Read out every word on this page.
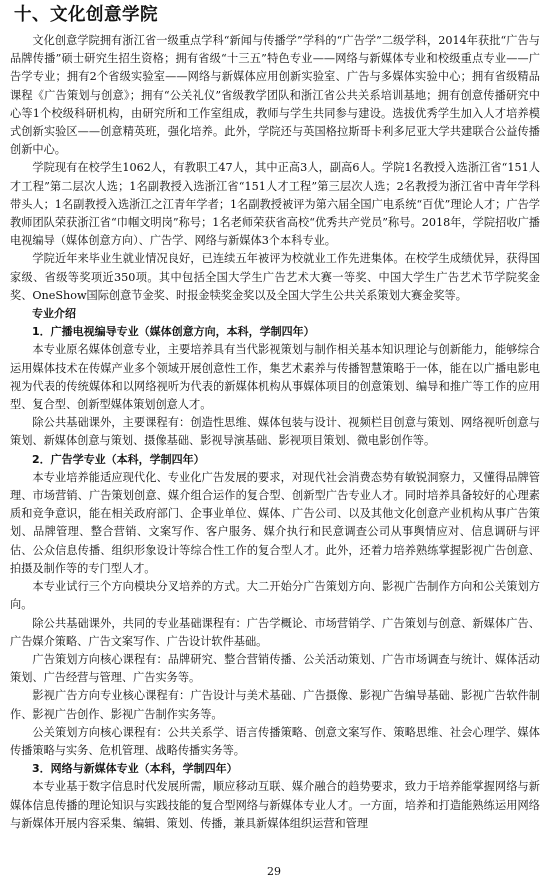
十、文化创意学院

文化创意学院拥有浙江省一级重点学科“新闻与传播学”学科的“广告学”二级学科，2014年获批“广告与品牌传播”硕士研究生招生资格；拥有省级“十三五”特色专业——网络与新媒体专业和校级重点专业——广告学专业；拥有2个省级实验室——网络与新媒体应用创新实验室、广告与多媒体实验中心；拥有省级精品课程《广告策划与创意》；拥有“公关礼仪”省级教学团队和浙江省公共关系培训基地；拥有创意传播研究中心等1个校级科研机构，由研究所和工作室组成，教师与学生共同参与建设。选拔优秀学生加入人才培养模式创新实验区——创意精英班，强化培养。此外，学院还与英国格拉斯哥卡利多尼亚大学共建联合公益传播创新中心。

学院现有在校学生1062人，有教职工47人，其中正高3人，副高6人。学院1名教授入选浙江省“151人才工程”第二层次人选；1名副教授入选浙江省“151人才工程”第三层次人选；2名教授为浙江省中青年学科带头人；1名副教授入选浙江之江青年学者；1名副教授被评为第六届全国广电系统“百优”理论人才；广告学教师团队荣获浙江省“巾帼文明岗”称号；1名老师荣获省高校“优秀共产党员”称号。2018年，学院招收广播电视编导（媒体创意方向）、广告学、网络与新媒体3个本科专业。

学院近年来毕业生就业情况良好，已连续五年被评为校就业工作先进集体。在校学生成绩优异，获得国家级、省级等奖项近350项。其中包括全国大学生广告艺术大赛一等奖、中国大学生广告艺术节学院奖金奖、OneShow国际创意节金奖、时报金犊奖金奖以及全国大学生公共关系策划大赛金奖等。

专业介绍

1．广播电视编导专业（媒体创意方向，本科，学制四年）

本专业原名媒体创意专业，主要培养具有当代影视策划与制作相关基本知识理论与创新能力，能够综合运用媒体技术在传媒产业多个领域开展创意性工作，集艺术素养与传播智慧策略于一体，能在以广播电影电视为代表的传统媒体和以网络视听为代表的新媒体机构从事媒体项目的创意策划、编导和推广等工作的应用型、复合型、创新型媒体策划创意人才。

除公共基础课外，主要课程有：创造性思维、媒体包装与设计、视频栏目创意与策划、网络视听创意与策划、新媒体创意与策划、摄像基础、影视导演基础、影视项目策划、微电影创作等。

2．广告学专业（本科，学制四年）

本专业培养能适应现代化、专业化广告发展的要求，对现代社会消费态势有敏锐洞察力，又懂得品牌管理、市场营销、广告策划创意、媒介组合运作的复合型、创新型广告专业人才。同时培养具备较好的心理素质和竞争意识，能在相关政府部门、企事业单位、媒体、广告公司、以及其他文化创意产业机构从事广告策划、品牌管理、整合营销、文案写作、客户服务、媒介执行和民意调查公司从事舆情应对、信息调研与评估、公众信息传播、组织形象设计等综合性工作的复合型人才。此外，还着力培养熟练掌握影视广告创意、拍摄及制作等的专门型人才。

本专业试行三个方向模块分叉培养的方式。大二开始分广告策划方向、影视广告制作方向和公关策划方向。

除公共基础课外，共同的专业基础课程有：广告学概论、市场营销学、广告策划与创意、新媒体广告、广告媒介策略、广告文案写作、广告设计软件基础。

广告策划方向核心课程有：品牌研究、整合营销传播、公关活动策划、广告市场调查与统计、媒体活动策划、广告经营与管理、广告实务等。

影视广告方向专业核心课程有：广告设计与美术基础、广告摄像、影视广告编导基础、影视广告软件制作、影视广告创作、影视广告制作实务等。

公关策划方向核心课程有：公共关系学、语言传播策略、创意文案写作、策略思维、社会心理学、媒体传播策略与实务、危机管理、战略传播实务等。

3．网络与新媒体专业（本科，学制四年）

本专业基于数字信息时代发展所需，顺应移动互联、媒介融合的趋势要求，致力于培养能掌握网络与新媒体信息传播的理论知识与实践技能的复合型网络与新媒体专业人才。一方面，培养和打造能熟练运用网络与新媒体开展内容采集、编辑、策划、传播，兼具新媒体组织运营和管理

29
